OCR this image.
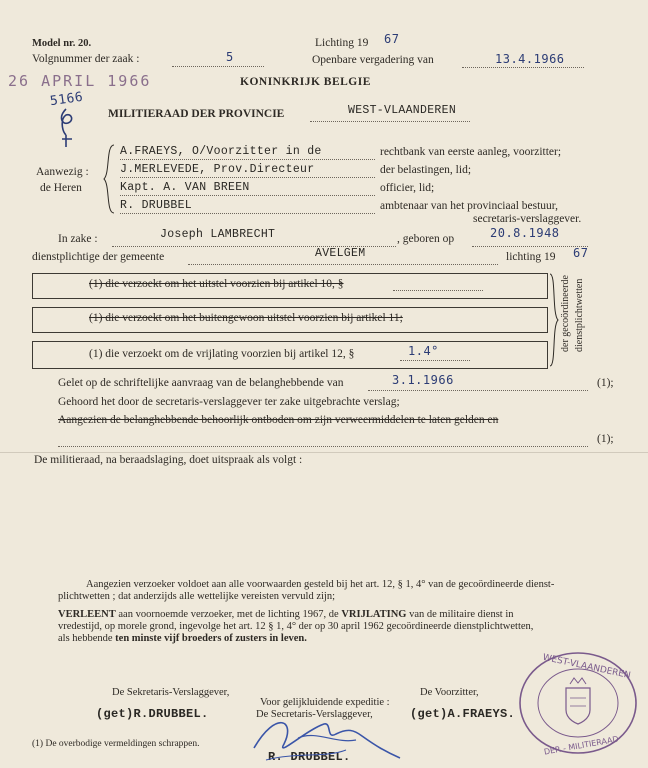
Model nr. 20.
Volgnummer der zaak :	5
Lichting 19 67
Openbare vergadering van	13.4.1966
26 APRIL 1966	KONINKRIJK BELGIE
5166
MILITIERAAD DER PROVINCIE	WEST-VLAANDEREN
Aanwezig :
de Heren
A.FRAEYS, O/Voorzitter in de	rechtbank van eerste aanleg, voorzitter;
J.MERLEVEDE, Prov.Directeur	der belastingen, lid;
Kapt. A. VAN BREEN	officier, lid;
R. DRUBBEL	ambtenaar van het provinciaal bestuur,
secretaris-verslaggever.
In zake :	Joseph LAMBRECHT	, geboren op	20.8.1948
dienstplichtige der gemeente	AVELGEM	lichting 19 67
(1) die verzoekt om het uitstel voorzien bij artikel 10, §
(1) die verzoekt om het buitengewoon uitstel voorzien bij artikel 11;
(1) die verzoekt om de vrijlating voorzien bij artikel 12, §	1.4°	der gecoördineerde dienstplichtwetten
Gelet op de schriftelijke aanvraag van de belanghebbende van	3.1.1966	(1);
Gehoord het door de secretaris-verslaggever ter zake uitgebrachte verslag;
Aangezien de belanghebbende behoorlijk ontboden om zijn verweermiddelen te laten gelden en
(1);
De militieraad, na beraadslaging, doet uitspraak als volgt :
Aangezien verzoeker voldoet aan alle voorwaarden gesteld bij het art. 12, § 1, 4° van de gecoördineerde dienst-
plichtwetten ; dat anderzijds alle wettelijke vereisten vervuld zijn;
VERLEENT aan voornoemde verzoeker, met de lichting 1967, de VRIJLATING van de militaire dienst in
vredestijd, op morele grond, ingevolge het art. 12 § 1, 4° der op 30 april 1962 gecoördineerde dienstplichtwetten,
als hebbende ten minste vijf broeders of zusters in leven.
De Sekretaris-Verslaggever,
(get)R.DRUBBEL.
Voor gelijkluidende expeditie :
De Secretaris-Verslaggever,
R. DRUBBEL.
De Voorzitter,
(get)A.FRAEYS.
WEST-VLAANDEREN
DER - MILITIERAAD
(1) De overbodige vermeldingen schrappen.
